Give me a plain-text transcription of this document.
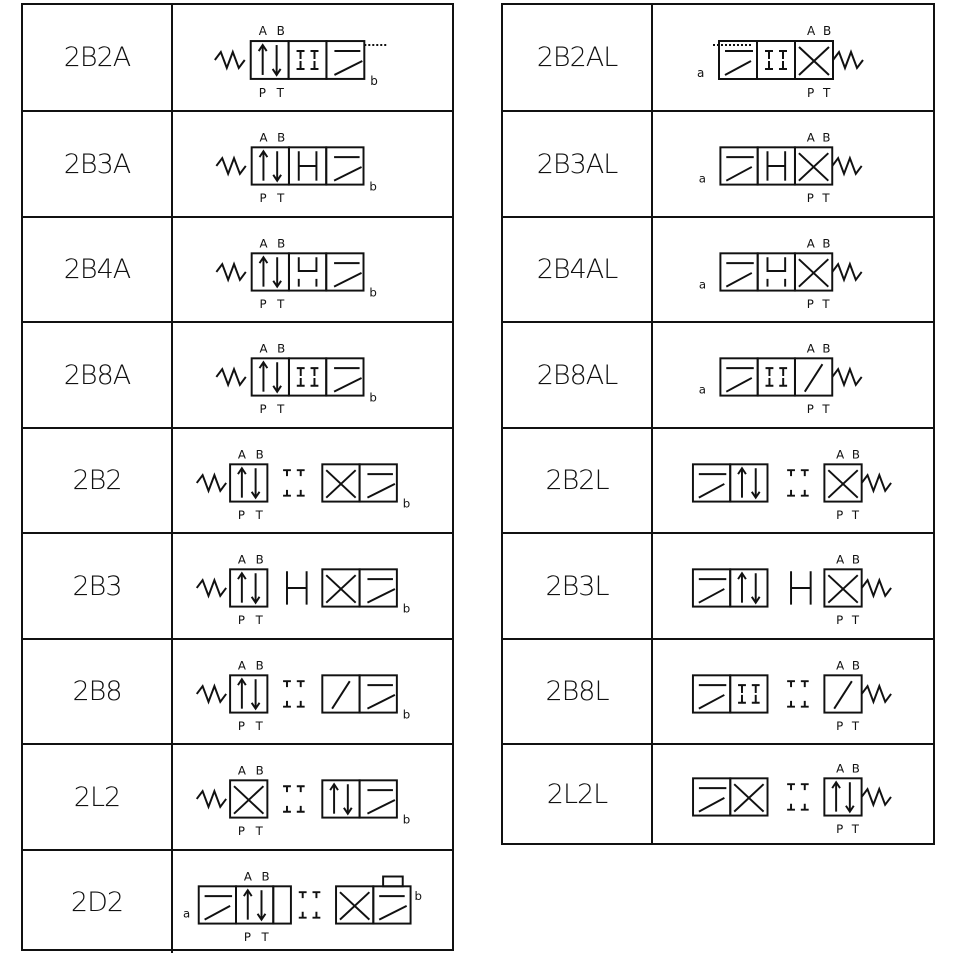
2B2A
A B
P T
b
2B3A
A B
P T
b
2B4A
A B
P T
b
2B8A
A B
P T
b
2B2
A B
P T
b
2B3
A B
P T
b
2B8
A B
P T
b
2L2
A B
P T
b
2D2
A B
P T
b
a
2B2AL
A B
P T
a
2B3AL
A B
P T
a
2B4AL
A B
P T
a
2B8AL
A B
P T
a
2B2L
A B
P T
2B3L
A B
P T
2B8L
A B
P T
2L2L
A B
P T
